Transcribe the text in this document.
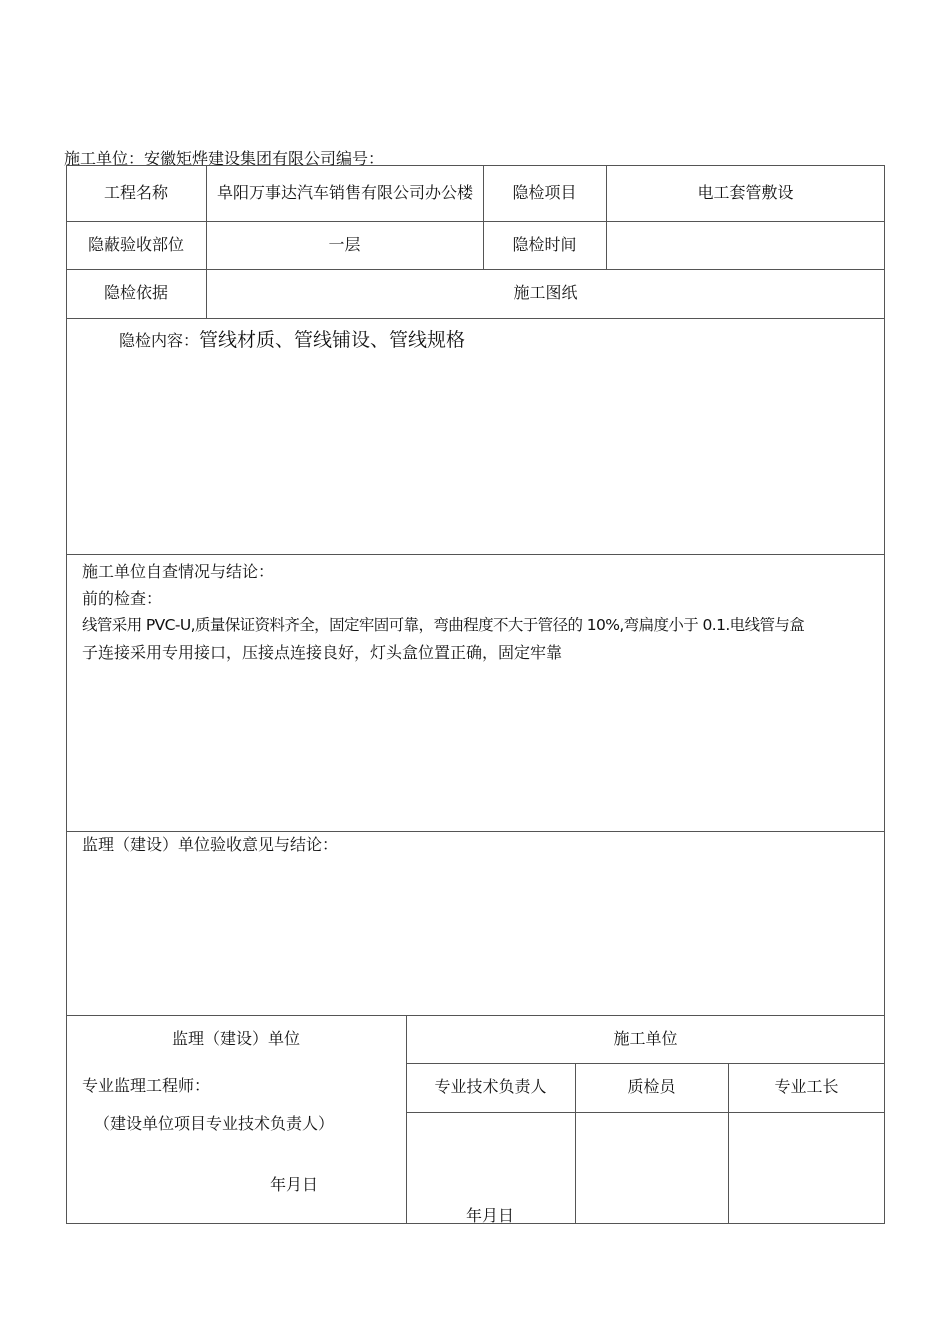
施工单位：安徽矩烨建设集团有限公司编号：
工程名称	阜阳万事达汽车销售有限公司办公楼	隐检项目	电工套管敷设
隐蔽验收部位	一层	隐检时间
隐检依据	施工图纸
隐检内容：管线材质、管线铺设、管线规格
施工单位自查情况与结论：
前的检查：
线管采用 PVC-U,质量保证资料齐全，固定牢固可靠，弯曲程度不大于管径的 10%,弯扁度小于 0.1.电线管与盒
子连接采用专用接口，压接点连接良好，灯头盒位置正确，固定牢靠
监理（建设）单位验收意见与结论：
监理（建设）单位	施工单位
专业监理工程师：
（建设单位项目专业技术负责人）
年月日
专业技术负责人	质检员	专业工长
年月日
